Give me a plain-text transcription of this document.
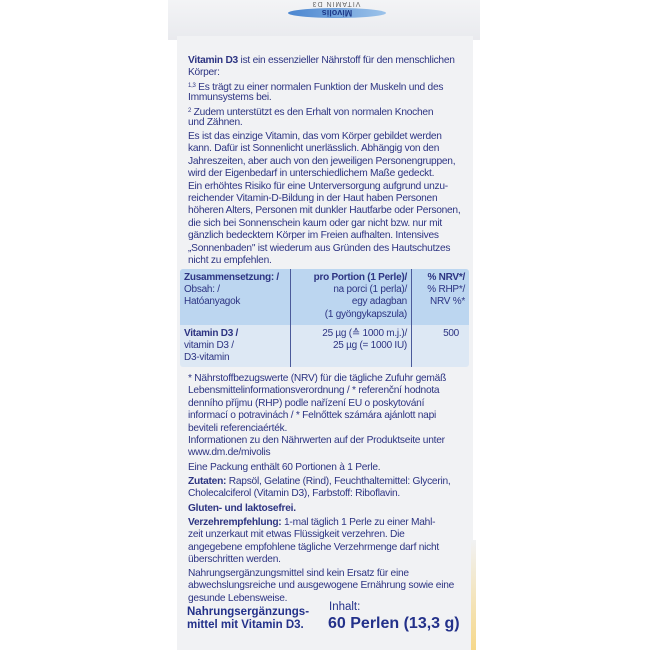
VITAMIN D3
Mivolis
Vitamin D3 ist ein essenzieller Nährstoff für den menschlichen
Körper:
$^{1,3}$ Es trägt zu einer normalen Funktion der Muskeln und des
Immunsystems bei.
$^2$ Zudem unterstützt es den Erhalt von normalen Knochen
und Zähnen.
Es ist das einzige Vitamin, das vom Körper gebildet werden
kann. Dafür ist Sonnenlicht unerlässlich. Abhängig von den
Jahreszeiten, aber auch von den jeweiligen Personengruppen,
wird der Eigenbedarf in unterschiedlichem Maße gedeckt.
Ein erhöhtes Risiko für eine Unterversorgung aufgrund unzu-
reichender Vitamin-D-Bildung in der Haut haben Personen
höheren Alters, Personen mit dunkler Hautfarbe oder Personen,
die sich bei Sonnenschein kaum oder gar nicht bzw. nur mit
gänzlich bedecktem Körper im Freien aufhalten. Intensives
„Sonnenbaden" ist wiederum aus Gründen des Hautschutzes
nicht zu empfehlen.
Zusammensetzung: /
Obsah: /
Hatóanyagok
pro Portion (1 Perle)/
na porci (1 perla)/
egy adagban
(1 gyöngykapszula)
% NRV*/
% RHP*/
NRV %*
Vitamin D3 /
vitamin D3 /
D3-vitamin
25 µg (≙ 1000 m.j.)/
25 µg (= 1000 IU)
500
* Nährstoffbezugswerte (NRV) für die tägliche Zufuhr gemäß
Lebensmittelinformationsverordnung / * referenční hodnota
denního příjmu (RHP) podle nařízení EU o poskytování
informací o potravinách / * Felnőttek számára ajánlott napi
beviteli referenciaérték.
Informationen zu den Nährwerten auf der Produktseite unter
www.dm.de/mivolis
Eine Packung enthält 60 Portionen à 1 Perle.
Zutaten: Rapsöl, Gelatine (Rind), Feuchthaltemittel: Glycerin,
Cholecalciferol (Vitamin D3), Farbstoff: Riboflavin.
Gluten- und laktosefrei.
Verzehrempfehlung: 1-mal täglich 1 Perle zu einer Mahl-
zeit unzerkaut mit etwas Flüssigkeit verzehren. Die
angegebene empfohlene tägliche Verzehrmenge darf nicht
überschritten werden.
Nahrungsergänzungsmittel sind kein Ersatz für eine
abwechslungsreiche und ausgewogene Ernährung sowie eine
gesunde Lebensweise.
Nahrungsergänzungs-
mittel mit Vitamin D3.
Inhalt:
60 Perlen (13,3 g)
